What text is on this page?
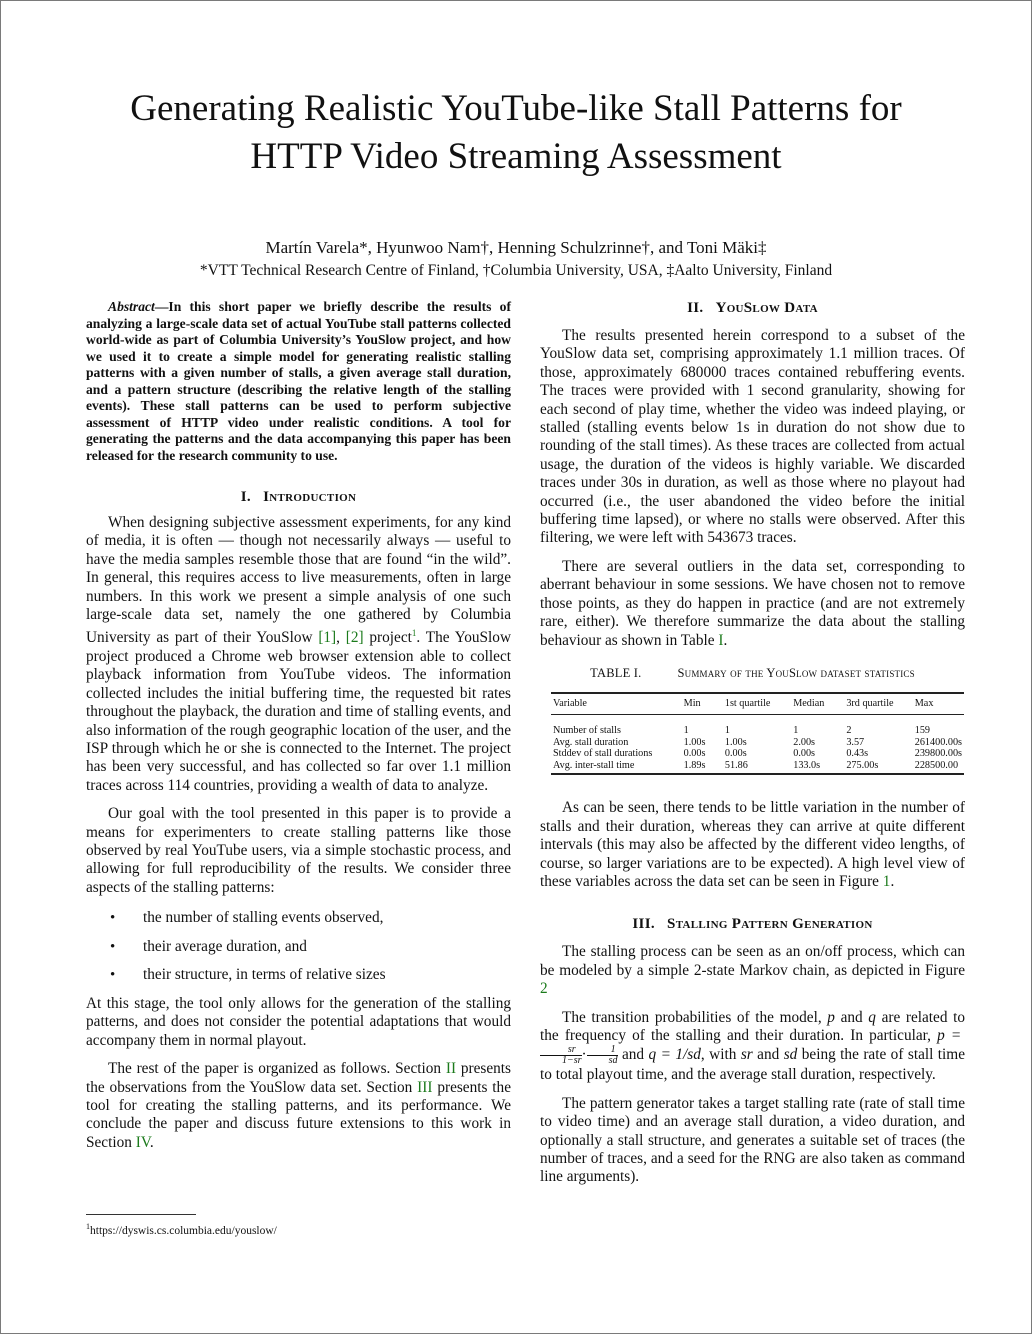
Generating Realistic YouTube-like Stall Patterns for
HTTP Video Streaming Assessment
Martín Varela*, Hyunwoo Nam†, Henning Schulzrinne†, and Toni Mäki‡
*VTT Technical Research Centre of Finland, †Columbia University, USA, ‡Aalto University, Finland

Abstract—In this short paper we briefly describe the results of analyzing a large-scale data set of actual YouTube stall patterns collected world-wide as part of Columbia University’s YouSlow project, and how we used it to create a simple model for generating realistic stalling patterns with a given number of stalls, a given average stall duration, and a pattern structure (describing the relative length of the stalling events). These stall patterns can be used to perform subjective assessment of HTTP video under realistic conditions. A tool for generating the patterns and the data accompanying this paper has been released for the research community to use.

I. Introduction

When designing subjective assessment experiments, for any kind of media, it is often — though not necessarily always — useful to have the media samples resemble those that are found “in the wild”. In general, this requires access to live measurements, often in large numbers. In this work we present a simple analysis of one such large-scale data set, namely the one gathered by Columbia University as part of their YouSlow [1], [2] project$^1$. The YouSlow project produced a Chrome web browser extension able to collect playback information from YouTube videos. The information collected includes the initial buffering time, the requested bit rates throughout the playback, the duration and time of stalling events, and also information of the rough geographic location of the user, and the ISP through which he or she is connected to the Internet. The project has been very successful, and has collected so far over 1.1 million traces across 114 countries, providing a wealth of data to analyze.

Our goal with the tool presented in this paper is to provide a means for experimenters to create stalling patterns like those observed by real YouTube users, via a simple stochastic process, and allowing for full reproducibility of the results. We consider three aspects of the stalling patterns:

• the number of stalling events observed,
• their average duration, and
• their structure, in terms of relative sizes

At this stage, the tool only allows for the generation of the stalling patterns, and does not consider the potential adaptations that would accompany them in normal playout.

The rest of the paper is organized as follows. Section II presents the observations from the YouSlow data set. Section III presents the tool for creating the stalling patterns, and its performance. We conclude the paper and discuss future extensions to this work in Section IV.

$^1$https://dyswis.cs.columbia.edu/youslow/
II. YouSlow Data

The results presented herein correspond to a subset of the YouSlow data set, comprising approximately 1.1 million traces. Of those, approximately 680000 traces contained rebuffering events. The traces were provided with 1 second granularity, showing for each second of play time, whether the video was indeed playing, or stalled (stalling events below 1s in duration do not show due to rounding of the stall times). As these traces are collected from actual usage, the duration of the videos is highly variable. We discarded traces under 30s in duration, as well as those where no playout had occurred (i.e., the user abandoned the video before the initial buffering time lapsed), or where no stalls were observed. After this filtering, we were left with 543673 traces.

There are several outliers in the data set, corresponding to aberrant behaviour in some sessions. We have chosen not to remove those points, as they do happen in practice (and are not extremely rare, either). We therefore summarize the data about the stalling behaviour as shown in Table I.

TABLE I.	Summary of the YouSlow dataset statistics
Variable	Min	1st quartile	Median	3rd quartile	Max
Number of stalls	1	1	1	2	159
Avg. stall duration	1.00s	1.00s	2.00s	3.57	261400.00s
Stddev of stall durations	0.00s	0.00s	0.00s	0.43s	239800.00s
Avg. inter-stall time	1.89s	51.86	133.0s	275.00s	228500.00

As can be seen, there tends to be little variation in the number of stalls and their duration, whereas they can arrive at quite different intervals (this may also be affected by the different video lengths, of course, so larger variations are to be expected). A high level view of these variables across the data set can be seen in Figure 1.

III. Stalling Pattern Generation

The stalling process can be seen as an on/off process, which can be modeled by a simple 2-state Markov chain, as depicted in Figure 2

The transition probabilities of the model, p and q are related to the frequency of the stalling and their duration. In particular, p =
$\frac{sr}{1-sr} \cdot \frac{1}{sd}$ and q = 1/sd, with sr and sd being the rate of stall time to total playout time, and the average stall duration, respectively.

The pattern generator takes a target stalling rate (rate of stall time to video time) and an average stall duration, a video duration, and optionally a stall structure, and generates a suitable set of traces (the number of traces, and a seed for the RNG are also taken as command line arguments).
